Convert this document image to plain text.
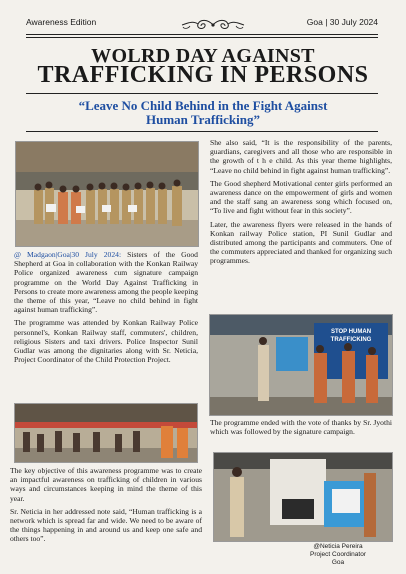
Awareness Edition	Goa | 30 July 2024
WOLRD DAY AGAINST
TRAFFICKING IN PERSONS
“Leave No Child Behind in the Fight Against
Human Trafficking”

@ Madgaon|Goa|30 July 2024: Sisters of the Good Shepherd at Goa in collaboration with the Konkan Railway Police organized awareness cum signature campaign programme on the World Day Against Trafficking in Persons to create more awareness among the people keeping the theme of this year, “Leave no child behind in fight against human trafficking”.

The programme was attended by Konkan Railway Police personnel's, Konkan Railway staff, commuters', children, religious Sisters and taxi drivers. Police Inspector Sunil Gudlar was among the dignitaries along with Sr. Neticia, Project Coordinator of the Child Protection Project.

The key objective of this awareness programme was to create an impactful awareness on trafficking of children in various ways and circumstances keeping in mind the theme of this year.

Sr. Neticia in her addressed note said, “Human trafficking is a network which is spread far and wide. We need to be aware of the things happening in and around us and keep one safe and others too”.

She also said, “It is the responsibility of the parents, guardians, caregivers and all those who are responsible in the growth of t h e child. As this year theme highlights, “Leave no child behind in fight against human trafficking”.

The Good shepherd Motivational center girls performed an awareness dance on the empowerment of girls and women and the staff sang an awareness song which focused on, “To live and fight without fear in this society”.

Later, the awareness flyers were released in the hands of Konkan railway Police station, PI Sunil Gudlar and distributed among the participants and commuters. One of the commuters appreciated and thanked for organizing such programmes.

STOP HUMAN
TRAFFICKING

The programme ended with the vote of thanks by Sr. Jyothi which was followed by the signature campaign.

@Neticia Pereira
Project Coordinator
Goa
